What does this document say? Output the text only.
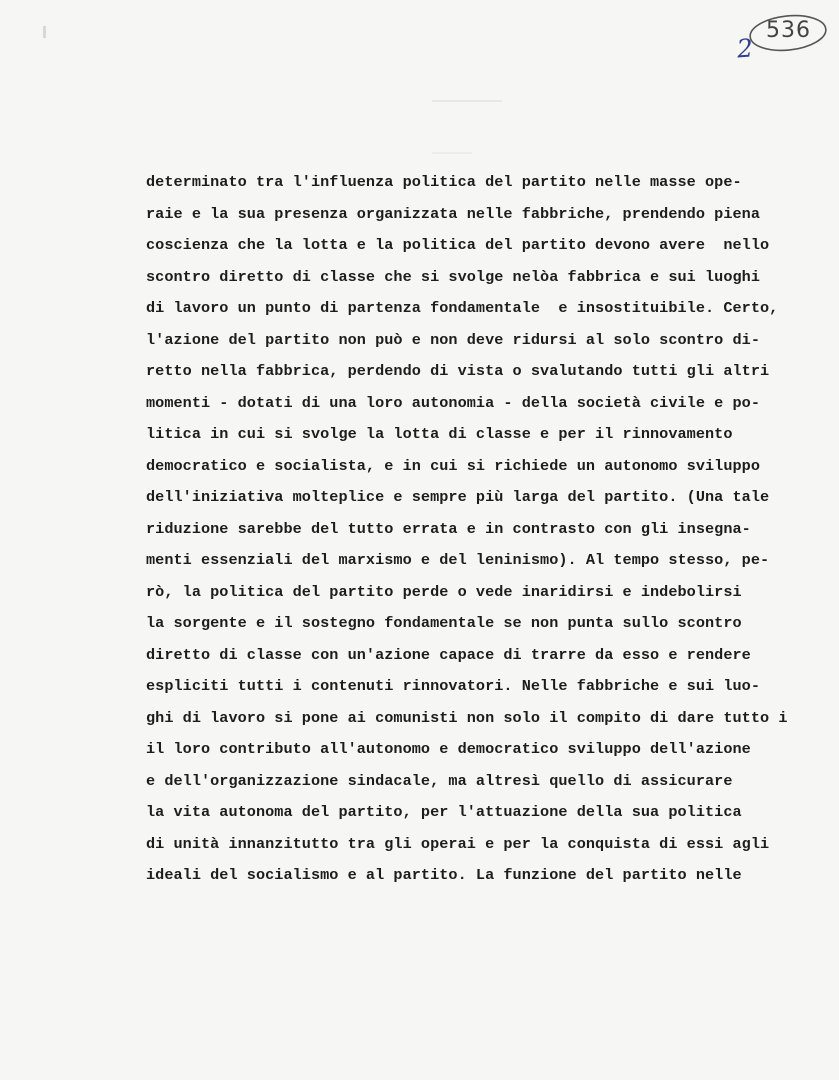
536
2
determinato tra l'influenza politica del partito nelle masse ope-
raie e la sua presenza organizzata nelle fabbriche, prendendo piena
coscienza che la lotta e la politica del partito devono avere  nello
scontro diretto di classe che si svolge nelòa fabbrica e sui luoghi
di lavoro un punto di partenza fondamentale  e insostituibile. Certo,
l'azione del partito non può e non deve ridursi al solo scontro di-
retto nella fabbrica, perdendo di vista o svalutando tutti gli altri
momenti - dotati di una loro autonomia - della società civile e po-
litica in cui si svolge la lotta di classe e per il rinnovamento
democratico e socialista, e in cui si richiede un autonomo sviluppo
dell'iniziativa molteplice e sempre più larga del partito. (Una tale
riduzione sarebbe del tutto errata e in contrasto con gli insegna-
menti essenziali del marxismo e del leninismo). Al tempo stesso, pe-
rò, la politica del partito perde o vede inaridirsi e indebolirsi
la sorgente e il sostegno fondamentale se non punta sullo scontro
diretto di classe con un'azione capace di trarre da esso e rendere
espliciti tutti i contenuti rinnovatori. Nelle fabbriche e sui luo-
ghi di lavoro si pone ai comunisti non solo il compito di dare tutto i
il loro contributo all'autonomo e democratico sviluppo dell'azione
e dell'organizzazione sindacale, ma altresì quello di assicurare
la vita autonoma del partito, per l'attuazione della sua politica
di unità innanzitutto tra gli operai e per la conquista di essi agli
ideali del socialismo e al partito. La funzione del partito nelle
